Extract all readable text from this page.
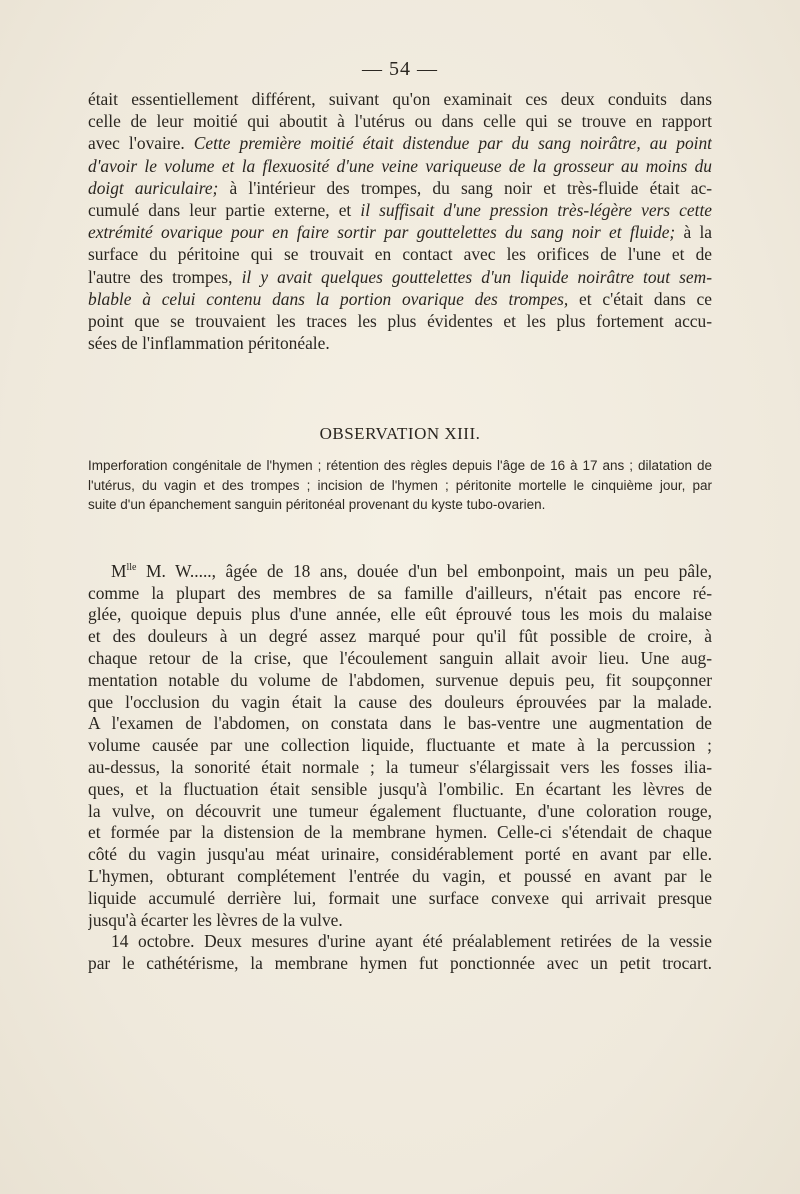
— 54 —
était essentiellement différent, suivant qu'on examinait ces deux conduits dans
celle de leur moitié qui aboutit à l'utérus ou dans celle qui se trouve en rapport
avec l'ovaire. Cette première moitié était distendue par du sang noirâtre, au point
d'avoir le volume et la flexuosité d'une veine variqueuse de la grosseur au moins du
doigt auriculaire; à l'intérieur des trompes, du sang noir et très-fluide était ac-
cumulé dans leur partie externe, et il suffisait d'une pression très-légère vers cette
extrémité ovarique pour en faire sortir par gouttelettes du sang noir et fluide; à la
surface du péritoine qui se trouvait en contact avec les orifices de l'une et de
l'autre des trompes, il y avait quelques gouttelettes d'un liquide noirâtre tout sem-
blable à celui contenu dans la portion ovarique des trompes, et c'était dans ce
point que se trouvaient les traces les plus évidentes et les plus fortement accu-
sées de l'inflammation péritonéale.
OBSERVATION XIII.
Imperforation congénitale de l'hymen ; rétention des règles depuis l'âge de 16 à 17 ans ; dilatation de
l'utérus, du vagin et des trompes ; incision de l'hymen ; péritonite mortelle le cinquième jour, par
suite d'un épanchement sanguin péritonéal provenant du kyste tubo-ovarien.
$M^{lle}$ M. W....., âgée de 18 ans, douée d'un bel embonpoint, mais un peu pâle,
comme la plupart des membres de sa famille d'ailleurs, n'était pas encore ré-
glée, quoique depuis plus d'une année, elle eût éprouvé tous les mois du malaise
et des douleurs à un degré assez marqué pour qu'il fût possible de croire, à
chaque retour de la crise, que l'écoulement sanguin allait avoir lieu. Une aug-
mentation notable du volume de l'abdomen, survenue depuis peu, fit soupçonner
que l'occlusion du vagin était la cause des douleurs éprouvées par la malade.
A l'examen de l'abdomen, on constata dans le bas-ventre une augmentation de
volume causée par une collection liquide, fluctuante et mate à la percussion ;
au-dessus, la sonorité était normale ; la tumeur s'élargissait vers les fosses ilia-
ques, et la fluctuation était sensible jusqu'à l'ombilic. En écartant les lèvres de
la vulve, on découvrit une tumeur également fluctuante, d'une coloration rouge,
et formée par la distension de la membrane hymen. Celle-ci s'étendait de chaque
côté du vagin jusqu'au méat urinaire, considérablement porté en avant par elle.
L'hymen, obturant complétement l'entrée du vagin, et poussé en avant par le
liquide accumulé derrière lui, formait une surface convexe qui arrivait presque
jusqu'à écarter les lèvres de la vulve.
14 octobre. Deux mesures d'urine ayant été préalablement retirées de la vessie
par le cathétérisme, la membrane hymen fut ponctionnée avec un petit trocart.
